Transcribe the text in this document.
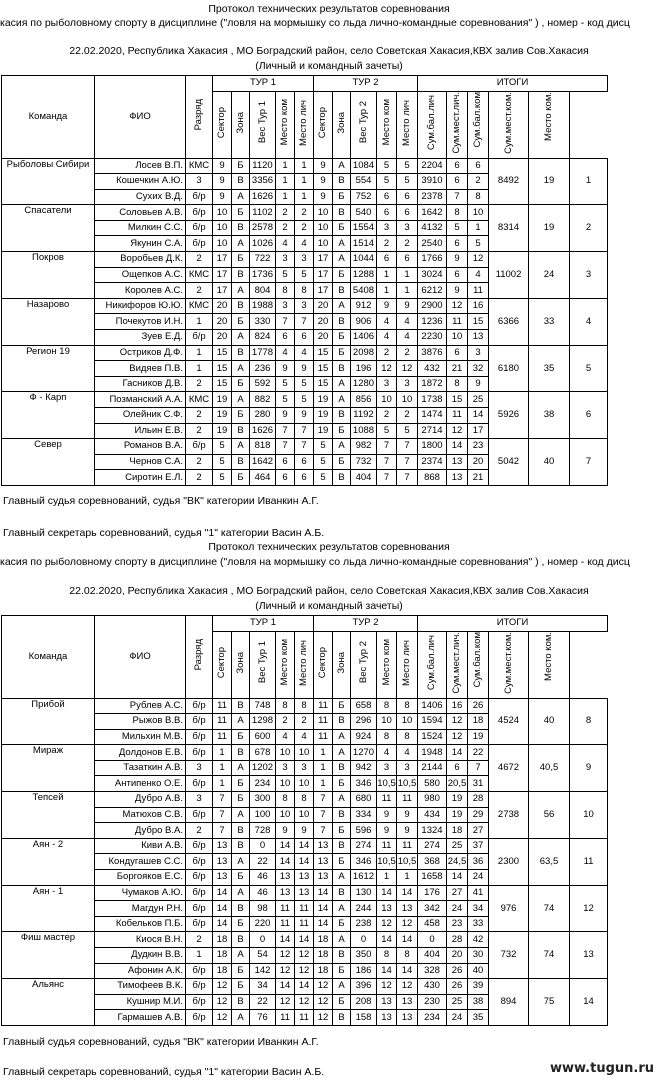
Протокол технических результатов соревнования
касия по рыболовному спорту в дисциплине ("ловля на мормышку со льда лично-командные соревнования" ) , номер - код дисц
22.02.2020, Республика Хакасия , МО Боградский район, село Советская Хакасия,КВХ залив Сов.Хакасия
(Личный и командный зачеты)
Команда	ФИО	Разряд	ТУР 1					ТУР 2					ИТОГИ					
			Сектор	Зона	Вес Тур 1	Место ком	Место лич	Сектор	Зона	Вес Тур 2	Место ком	Место лич	Сум.бал.лич	Сум.мест.лич.	Сум.бал.ком	Сум.мест.ком.	Место ком.	
Рыболовы Сибири	Лосев В.П.	КМС	9	Б	1120	1	1	9	А	1084	5	5	2204	6	6	8492	19	1
	Кошечкин А.Ю.	3	9	В	3356	1	1	9	В	554	5	5	3910	6	2			
	Сухих В.Д.	б/р	9	А	1626	1	1	9	Б	752	6	6	2378	7	8			
Спасатели	Соловьев А.В.	б/р	10	Б	1102	2	2	10	В	540	6	6	1642	8	10	8314	19	2
	Милкин С.С.	б/р	10	В	2578	2	2	10	Б	1554	3	3	4132	5	1			
	Якунин С.А.	б/р	10	А	1026	4	4	10	А	1514	2	2	2540	6	5			
Покров	Воробьев Д.К.	2	17	Б	722	3	3	17	А	1044	6	6	1766	9	12	11002	24	3
	Ощепков А.С.	КМС	17	В	1736	5	5	17	Б	1288	1	1	3024	6	4			
	Королев А.С.	2	17	А	804	8	8	17	В	5408	1	1	6212	9	11			
Назарово	Никифоров Ю.Ю.	КМС	20	В	1988	3	3	20	А	912	9	9	2900	12	16	6366	33	4
	Почекутов И.Н.	1	20	Б	330	7	7	20	В	906	4	4	1236	11	15			
	Зуев Е.Д.	б/р	20	А	824	6	6	20	Б	1406	4	4	2230	10	13			
Регион 19	Остриков Д.Ф.	1	15	В	1778	4	4	15	Б	2098	2	2	3876	6	3	6180	35	5
	Видяев П.В.	1	15	А	236	9	9	15	В	196	12	12	432	21	32			
	Гасников Д.В.	2	15	Б	592	5	5	15	А	1280	3	3	1872	8	9			
Ф - Карп	Позманский А.А.	КМС	19	А	882	5	5	19	А	856	10	10	1738	15	25	5926	38	6
	Олейник С.Ф.	2	19	Б	280	9	9	19	В	1192	2	2	1474	11	14			
	Ильин Е.В.	2	19	В	1626	7	7	19	Б	1088	5	5	2714	12	17			
Север	Романов В.А.	б/р	5	А	818	7	7	5	А	982	7	7	1800	14	23	5042	40	7
	Чернов С.А.	2	5	В	1642	6	6	5	Б	732	7	7	2374	13	20			
	Сиротин Е.Л.	2	5	Б	464	6	6	5	В	404	7	7	868	13	21			
Главный судья соревнований, судья "ВК" категории Иванкин А.Г.
Главный секретарь соревнований, судья "1" категории Васин А.Б.
Протокол технических результатов соревнования
касия по рыболовному спорту в дисциплине ("ловля на мормышку со льда лично-командные соревнования" ) , номер - код дисц
22.02.2020, Республика Хакасия , МО Боградский район, село Советская Хакасия,КВХ залив Сов.Хакасия
(Личный и командный зачеты)
Команда	ФИО	Разряд	ТУР 1					ТУР 2					ИТОГИ					
			Сектор	Зона	Вес Тур 1	Место ком	Место лич	Сектор	Зона	Вес Тур 2	Место ком	Место лич	Сум.бал.лич	Сум.мест.лич.	Сум.бал.ком	Сум.мест.ком.	Место ком.	
Прибой	Рублев А.С.	б/р	11	В	748	8	8	11	Б	658	8	8	1406	16	26	4524	40	8
	Рыжов В.В.	б/р	11	А	1298	2	2	11	В	296	10	10	1594	12	18			
	Мильхин М.В.	б/р	11	Б	600	4	4	11	А	924	8	8	1524	12	19			
Мираж	Долдонов Е.В.	б/р	1	В	678	10	10	1	А	1270	4	4	1948	14	22	4672	40,5	9
	Тазаткин А.В.	3	1	А	1202	3	3	1	В	942	3	3	2144	6	7			
	Антипенко О.Е.	б/р	1	Б	234	10	10	1	Б	346	10,5	10,5	580	20,5	31			
Тепсей	Дубро А.В.	3	7	Б	300	8	8	7	А	680	11	11	980	19	28	2738	56	10
	Матюхов С.В.	б/р	7	А	100	10	10	7	В	334	9	9	434	19	29			
	Дубро В.А.	2	7	В	728	9	9	7	Б	596	9	9	1324	18	27			
Аян - 2	Киви А.В.	б/р	13	В	0	14	14	13	В	274	11	11	274	25	37	2300	63,5	11
	Кондугашев С.С.	б/р	13	А	22	14	14	13	Б	346	10,5	10,5	368	24,5	36			
	Боргояков Е.С.	б/р	13	Б	46	13	13	13	А	1612	1	1	1658	14	24			
Аян - 1	Чумаков А.Ю.	б/р	14	А	46	13	13	14	В	130	14	14	176	27	41	976	74	12
	Магдун Р.Н.	б/р	14	В	98	11	11	14	А	244	13	13	342	24	34			
	Кобельков П.Б.	б/р	14	Б	220	11	11	14	Б	238	12	12	458	23	33			
Фиш мастер	Киося В.Н.	2	18	В	0	14	14	18	А	0	14	14	0	28	42	732	74	13
	Дудкин В.В.	1	18	А	54	12	12	18	В	350	8	8	404	20	30			
	Афонин А.К.	б/р	18	Б	142	12	12	18	Б	186	14	14	328	26	40			
Альянс	Тимофеев В.К.	б/р	12	Б	34	14	14	12	А	396	12	12	430	26	39	894	75	14
	Кушнир М.И.	б/р	12	В	22	12	12	12	Б	208	13	13	230	25	38			
	Гармашев А.В.	б/р	12	А	76	11	11	12	В	158	13	13	234	24	35			
Главный судья соревнований, судья "ВК" категории Иванкин А.Г.
Главный секретарь соревнований, судья "1" категории Васин А.Б.	www.tugun.ru
